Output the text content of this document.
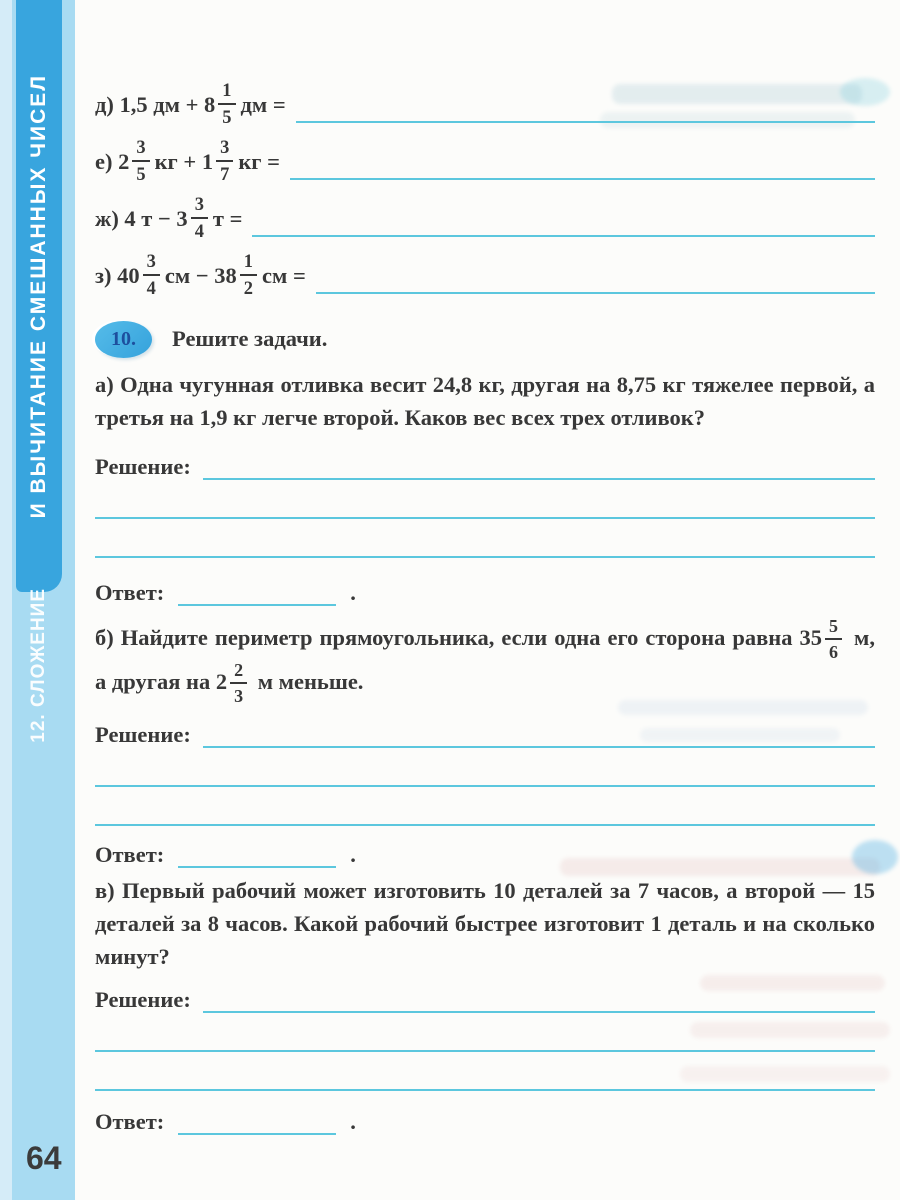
И ВЫЧИТАНИЕ СМЕШАННЫХ ЧИСЕЛ
12. СЛОЖЕНИЕ
64
д) 1,5 дм + $8 \frac{1}{5}$ дм =
е) $2 \frac{3}{5}$ кг + $1 \frac{3}{7}$ кг =
ж) 4 $т - 3 \frac{3}{4}$ т =
з) $40 \frac{3}{4}$ см − $38 \frac{1}{2}$ см =
10.	Решите задачи.

а) Одна чугунная отливка весит 24,8 кг, другая на 8,75 кг тяжелее первой, а третья на 1,9 кг легче второй. Каков вес всех трех отливок?

Решение:
Ответ:	.

б) Найдите периметр прямоугольника, если одна его сторона равна $35 \frac{5}{6} м$, а другая на $2 \frac{2}{3}$ м меньше.

Решение:
Ответ:	.

в) Первый рабочий может изготовить 10 деталей за 7 часов, а второй — 15 деталей за 8 часов. Какой рабочий быстрее изготовит 1 деталь и на сколько минут?

Решение:
Ответ:	.
